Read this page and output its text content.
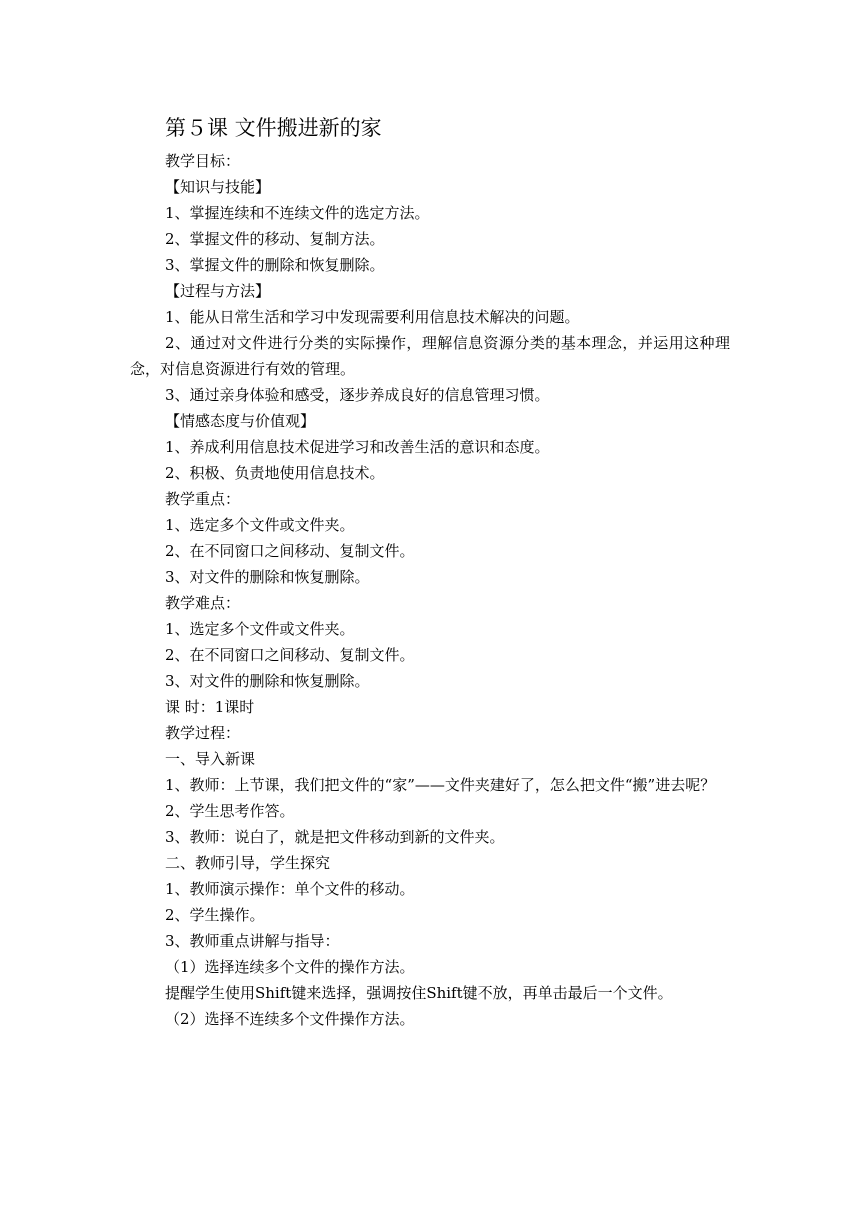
第５课 文件搬进新的家

教学目标：

【知识与技能】

1、掌握连续和不连续文件的选定方法。

2、掌握文件的移动、复制方法。

3、掌握文件的删除和恢复删除。

【过程与方法】

1、能从日常生活和学习中发现需要利用信息技术解决的问题。

2、通过对文件进行分类的实际操作，理解信息资源分类的基本理念，并运用这种理念，对信息资源进行有效的管理。

3、通过亲身体验和感受，逐步养成良好的信息管理习惯。

【情感态度与价值观】

1、养成利用信息技术促进学习和改善生活的意识和态度。

2、积极、负责地使用信息技术。

教学重点：

1、选定多个文件或文件夹。

2、在不同窗口之间移动、复制文件。

3、对文件的删除和恢复删除。

教学难点：

1、选定多个文件或文件夹。

2、在不同窗口之间移动、复制文件。

3、对文件的删除和恢复删除。

课 时：1课时

教学过程：

一、导入新课

1、教师：上节课，我们把文件的“家”——文件夹建好了，怎么把文件“搬”进去呢？

2、学生思考作答。

3、教师：说白了，就是把文件移动到新的文件夹。

二、教师引导，学生探究

1、教师演示操作：单个文件的移动。

2、学生操作。

3、教师重点讲解与指导：

（1）选择连续多个文件的操作方法。

提醒学生使用Shift键来选择，强调按住Shift键不放，再单击最后一个文件。

（2）选择不连续多个文件操作方法。
